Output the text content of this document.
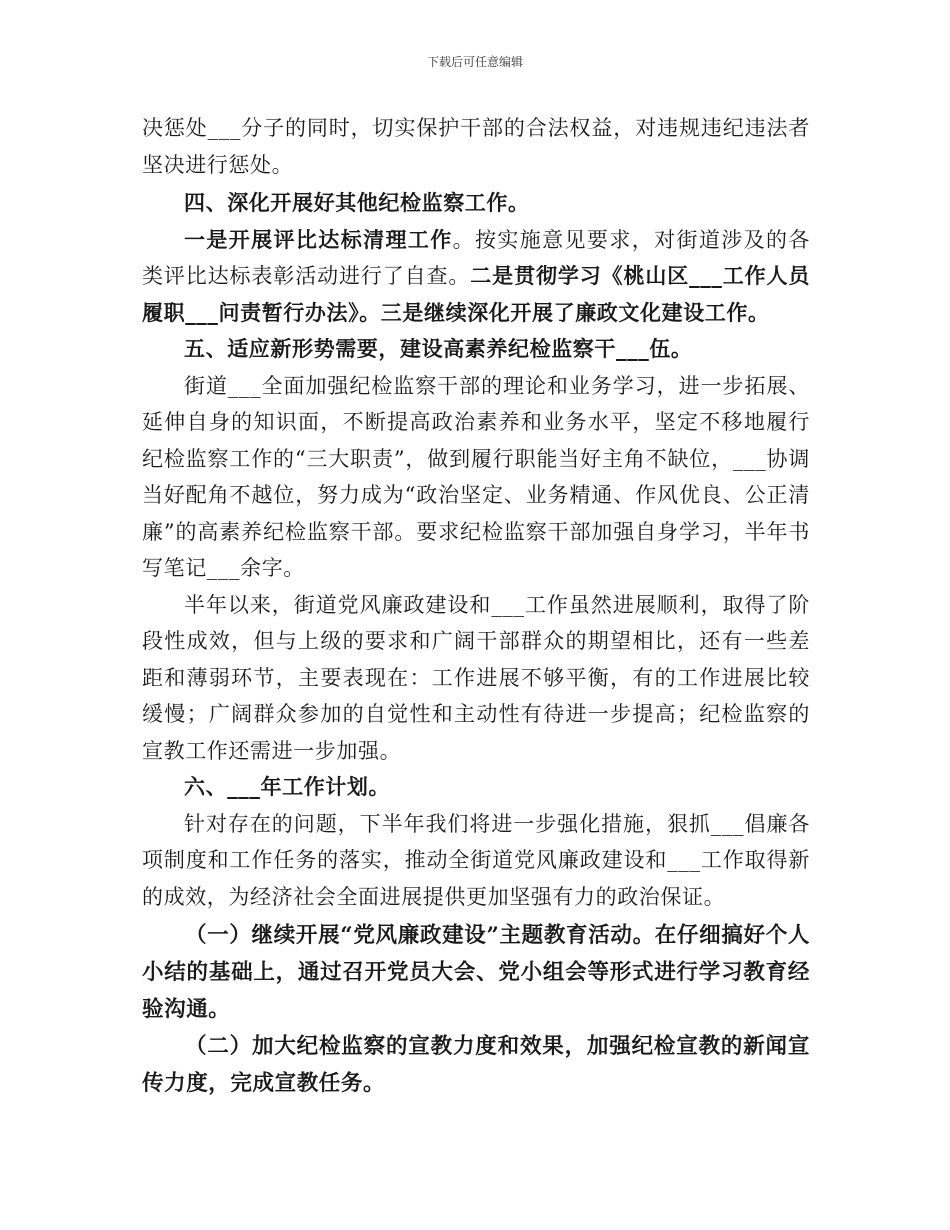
下载后可任意编辑

决惩处___分子的同时，切实保护干部的合法权益，对违规违纪违法者坚决进行惩处。

四、深化开展好其他纪检监察工作。

一是开展评比达标清理工作。按实施意见要求，对街道涉及的各类评比达标表彰活动进行了自查。二是贯彻学习《桃山区___工作人员履职___问责暂行办法》。三是继续深化开展了廉政文化建设工作。

五、适应新形势需要，建设高素养纪检监察干___伍。

街道___全面加强纪检监察干部的理论和业务学习，进一步拓展、延伸自身的知识面，不断提高政治素养和业务水平，坚定不移地履行纪检监察工作的“三大职责”，做到履行职能当好主角不缺位，___协调当好配角不越位，努力成为“政治坚定、业务精通、作风优良、公正清廉”的高素养纪检监察干部。要求纪检监察干部加强自身学习，半年书写笔记___余字。

半年以来，街道党风廉政建设和___工作虽然进展顺利，取得了阶段性成效，但与上级的要求和广阔干部群众的期望相比，还有一些差距和薄弱环节，主要表现在：工作进展不够平衡，有的工作进展比较缓慢；广阔群众参加的自觉性和主动性有待进一步提高；纪检监察的宣教工作还需进一步加强。

六、___年工作计划。

针对存在的问题，下半年我们将进一步强化措施，狠抓___倡廉各项制度和工作任务的落实，推动全街道党风廉政建设和___工作取得新的成效，为经济社会全面进展提供更加坚强有力的政治保证。

（一）继续开展“党风廉政建设”主题教育活动。在仔细搞好个人小结的基础上，通过召开党员大会、党小组会等形式进行学习教育经验沟通。

（二）加大纪检监察的宣教力度和效果，加强纪检宣教的新闻宣传力度，完成宣教任务。
